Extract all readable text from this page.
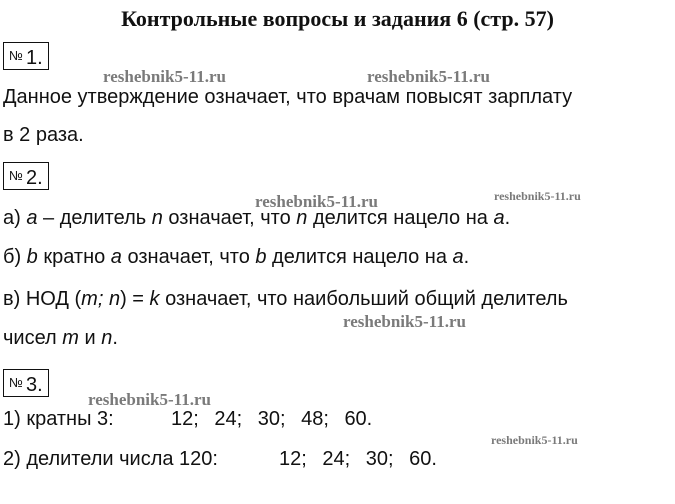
Контрольные вопросы и задания 6 (стр. 57)
№ 1.
reshebnik5-11.ru	reshebnik5-11.ru
Данное утверждение означает, что врачам повысят зарплату
в 2 раза.
№ 2.
reshebnik5-11.ru	reshebnik5-11.ru
а) a – делитель n означает, что n делится нацело на a.
б) b кратно a означает, что b делится нацело на a.
в) НОД (m; n) = k означает, что наибольший общий делитель
reshebnik5-11.ru
чисел m и n.
№ 3.
reshebnik5-11.ru
1) кратны 3:	12; 24; 30; 48; 60.
reshebnik5-11.ru
2) делители числа 120:	12; 24; 30; 60.
